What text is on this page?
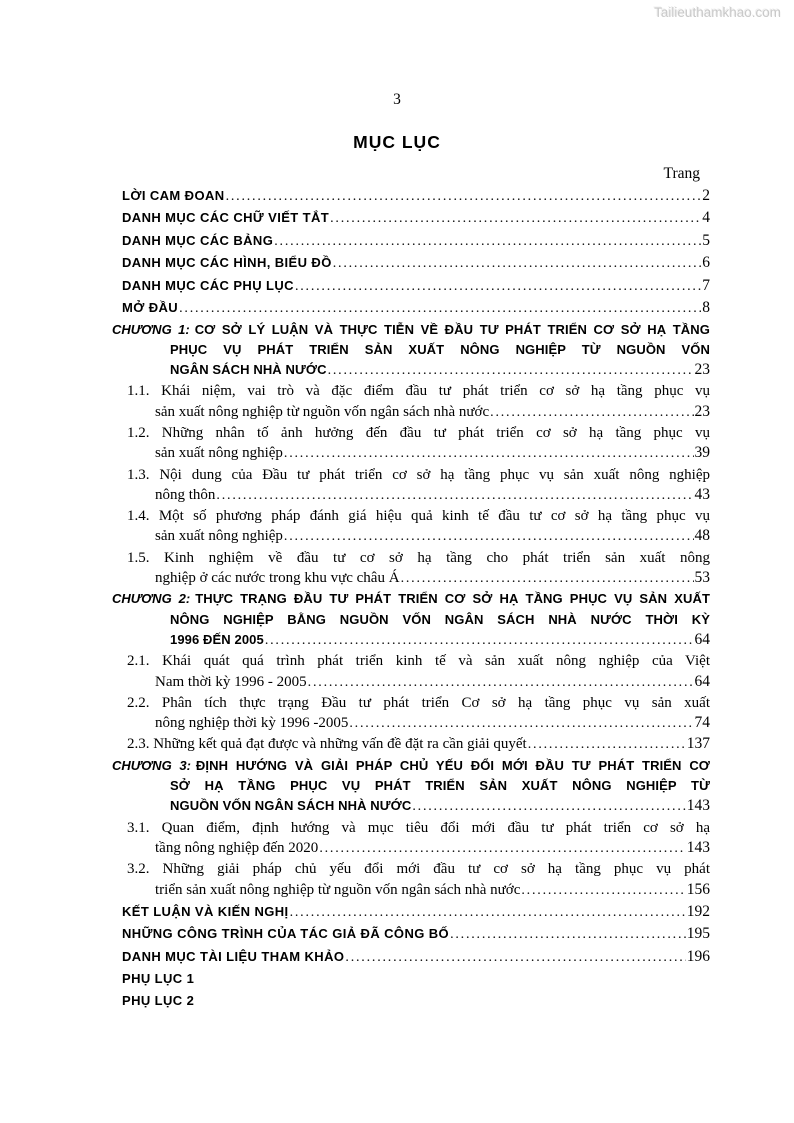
Tailieuthamkhao.com
3
MỤC LỤC
Trang
LỜI CAM ĐOAN .....	2
DANH MỤC CÁC CHỮ VIẾT TẮT .....	4
DANH MỤC CÁC BẢNG .....	5
DANH MỤC CÁC HÌNH, BIỂU ĐỒ .....	6
DANH MỤC CÁC PHỤ LỤC .....	7
MỞ ĐẦU .....	8
CHƯƠNG 1: CƠ SỞ LÝ LUẬN VÀ THỰC TIỄN VỀ ĐẦU TƯ PHÁT TRIỂN CƠ SỞ HẠ TẦNG
PHỤC VỤ PHÁT TRIỂN SẢN XUẤT NÔNG NGHIỆP TỪ NGUỒN VỐN
NGÂN SÁCH NHÀ NƯỚC .....	23
1.1. Khái niệm, vai trò và đặc điểm đầu tư phát triển cơ sở hạ tầng phục vụ
sản xuất nông nghiệp từ nguồn vốn ngân sách nhà nước .....	23
1.2. Những nhân tố ảnh hưởng đến đầu tư phát triển cơ sở hạ tầng phục vụ
sản xuất nông nghiệp .....	39
1.3. Nội dung của Đầu tư phát triển cơ sở hạ tầng phục vụ sản xuất nông nghiệp
nông thôn .....	43
1.4. Một số phương pháp đánh giá hiệu quả kinh tế đầu tư cơ sở hạ tầng phục vụ
sản xuất nông nghiệp .....	48
1.5. Kinh nghiệm về đầu tư cơ sở hạ tầng cho phát triển sản xuất nông
nghiệp ở các nước trong khu vực châu Á .....	53
CHƯƠNG 2: THỰC TRẠNG ĐẦU TƯ PHÁT TRIỂN CƠ SỞ HẠ TẦNG PHỤC VỤ SẢN XUẤT
NÔNG NGHIỆP BẰNG NGUỒN VỐN NGÂN SÁCH NHÀ NƯỚC THỜI KỲ
1996 ĐẾN 2005 .....	64
2.1. Khái quát quá trình phát triển kinh tế và sản xuất nông nghiệp của Việt
Nam thời kỳ 1996 - 2005 .....	64
2.2. Phân tích thực trạng Đầu tư phát triển Cơ sở hạ tầng phục vụ sản xuất
nông nghiệp thời kỳ 1996 -2005 .....	74
2.3. Những kết quả đạt được và những vấn đề đặt ra cần giải quyết .....	137
CHƯƠNG 3: ĐỊNH HƯỚNG VÀ GIẢI PHÁP CHỦ YẾU ĐỔI MỚI ĐẦU TƯ PHÁT TRIỂN CƠ
SỞ HẠ TẦNG PHỤC VỤ PHÁT TRIỂN SẢN XUẤT NÔNG NGHIỆP TỪ
NGUỒN VỐN NGÂN SÁCH NHÀ NƯỚC .....	143
3.1. Quan điểm, định hướng và mục tiêu đổi mới đầu tư phát triển cơ sở hạ
tầng nông nghiệp đến 2020 .....	143
3.2. Những giải pháp chủ yếu đổi mới đầu tư cơ sở hạ tầng phục vụ phát
triển sản xuất nông nghiệp từ nguồn vốn ngân sách nhà nước .....	156
KẾT LUẬN VÀ KIẾN NGHỊ .....	192
NHỮNG CÔNG TRÌNH CỦA TÁC GIẢ ĐÃ CÔNG BỐ .....	195
DANH MỤC TÀI LIỆU THAM KHẢO .....	196
PHỤ LỤC 1
PHỤ LỤC 2
